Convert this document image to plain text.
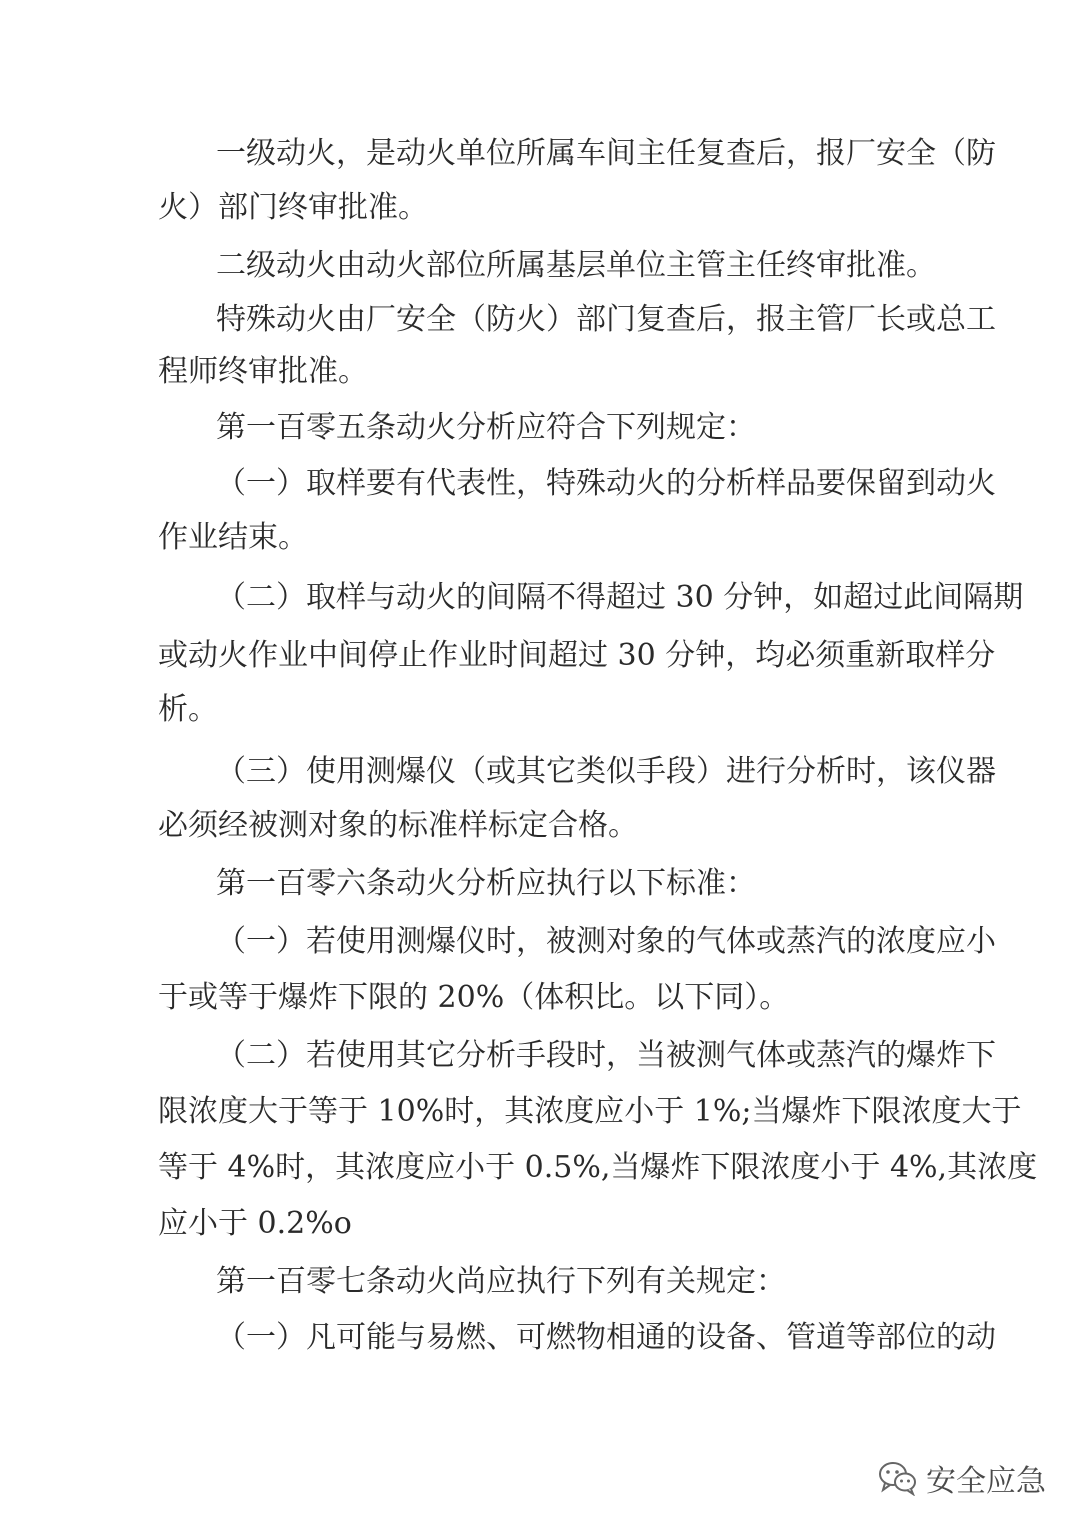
一级动火，是动火单位所属车间主任复查后，报厂安全（防
火）部门终审批准。
二级动火由动火部位所属基层单位主管主任终审批准。
特殊动火由厂安全（防火）部门复查后，报主管厂长或总工
程师终审批准。
第一百零五条动火分析应符合下列规定：
（一）取样要有代表性，特殊动火的分析样品要保留到动火
作业结束。
（二）取样与动火的间隔不得超过 30 分钟，如超过此间隔期
或动火作业中间停止作业时间超过 30 分钟，均必须重新取样分
析。
（三）使用测爆仪（或其它类似手段）进行分析时，该仪器
必须经被测对象的标准样标定合格。
第一百零六条动火分析应执行以下标准：
（一）若使用测爆仪时，被测对象的气体或蒸汽的浓度应小
于或等于爆炸下限的 20%（体积比。以下同）。
（二）若使用其它分析手段时，当被测气体或蒸汽的爆炸下
限浓度大于等于 10%时，其浓度应小于 1%;当爆炸下限浓度大于
等于 4%时，其浓度应小于 0.5%,当爆炸下限浓度小于 4%,其浓度
应小于 0.2%o
第一百零七条动火尚应执行下列有关规定：
（一）凡可能与易燃、可燃物相通的设备、管道等部位的动
安全应急
